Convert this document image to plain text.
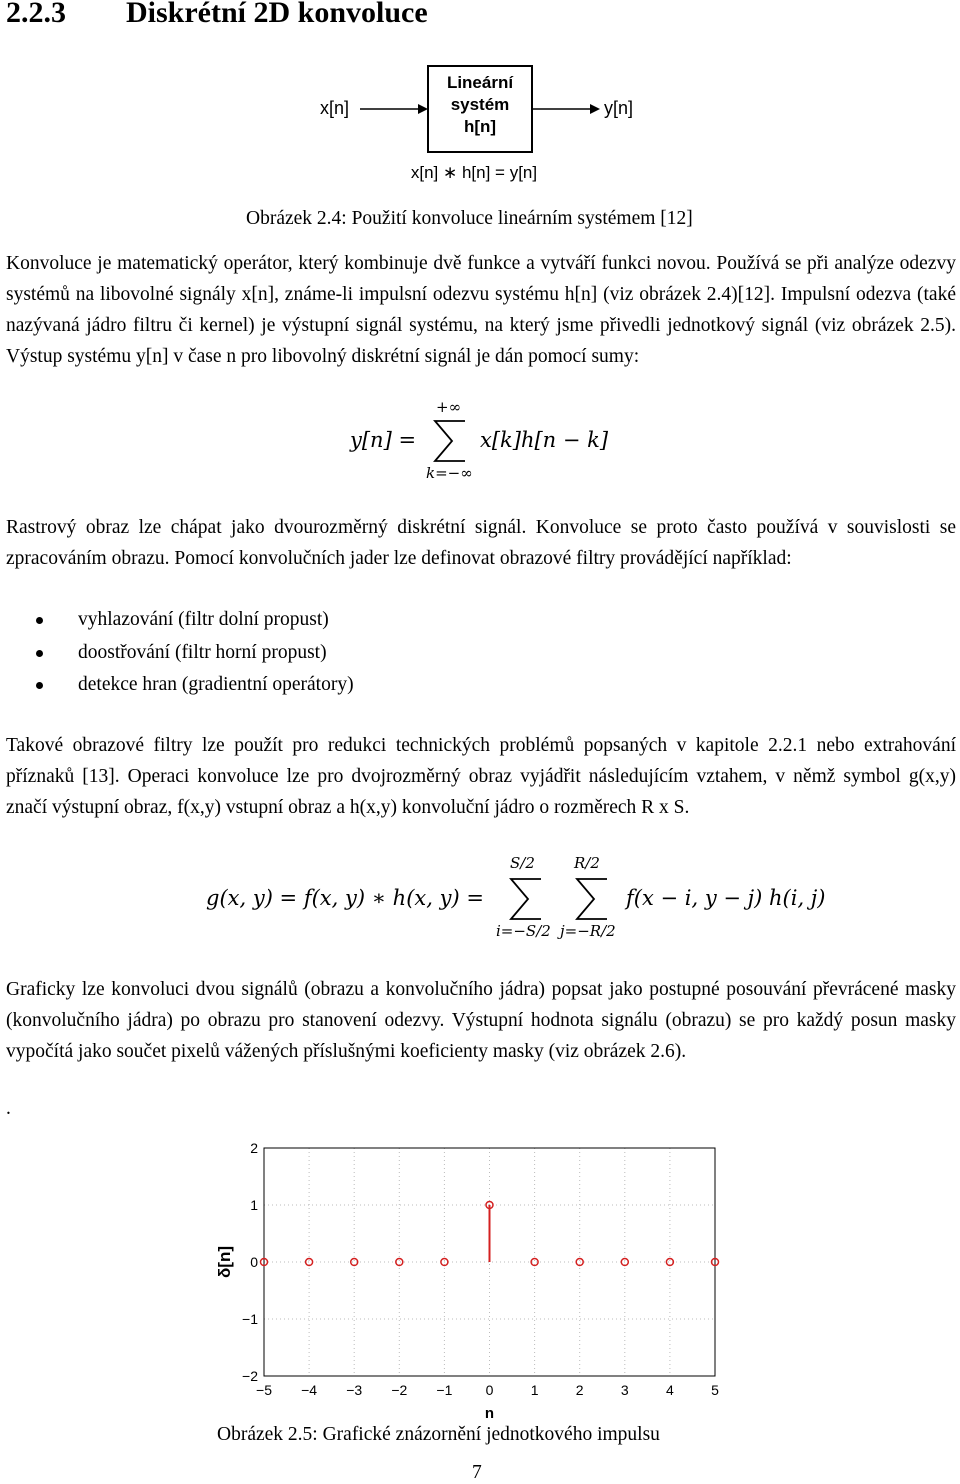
2.2.3 Diskrétní 2D konvoluce
Lineární
systém
h[n]
x[n]	y[n]
x[n] ∗ h[n] = y[n]
Obrázek 2.4: Použití konvoluce lineárním systémem [12]

Konvoluce je matematický operátor, který kombinuje dvě funkce a vytváří funkci novou. Používá se při analýze odezvy systémů na libovolné signály x[n], známe-li impulsní odezvu systému h[n] (viz obrázek 2.4)[12]. Impulsní odezva (také nazývaná jádro filtru či kernel) je výstupní signál systému, na který jsme přivedli jednotkový signál (viz obrázek 2.5). Výstup systému y[n] v čase n pro libovolný diskrétní signál je dán pomocí sumy:

y[n] =
+∞
k=−∞
x[k]h[n − k]

Rastrový obraz lze chápat jako dvourozměrný diskrétní signál. Konvoluce se proto často používá v souvislosti se zpracováním obrazu. Pomocí konvolučních jader lze definovat obrazové filtry provádějící například:

vyhlazování (filtr dolní propust)
doostřování (filtr horní propust)
detekce hran (gradientní operátory)

Takové obrazové filtry lze použít pro redukci technických problémů popsaných v kapitole 2.2.1 nebo extrahování příznaků [13]. Operaci konvoluce lze pro dvojrozměrný obraz vyjádřit následujícím vztahem, v němž symbol g(x,y) značí výstupní obraz, f(x,y) vstupní obraz a h(x,y) konvoluční jádro o rozměrech R x S.

g(x, y) = f(x, y) ∗ h(x, y) =
S/2
i=−S/2
R/2
j=−R/2
f(x − i, y − j) h(i, j)

Graficky lze konvoluci dvou signálů (obrazu a konvolučního jádra) popsat jako postupné posouvání převrácené masky (konvolučního jádra) po obrazu pro stanovení odezvy. Výstupní hodnota signálu (obrazu) se pro každý posun masky vypočítá jako součet pixelů vážených příslušnými koeficienty masky (viz obrázek 2.6).

.
2
1
0
−1
−2
−5 −4 −3 −2 −1 0	1	2	3	4	5
n
δ[n]
Obrázek 2.5: Grafické znázornění jednotkového impulsu
7
